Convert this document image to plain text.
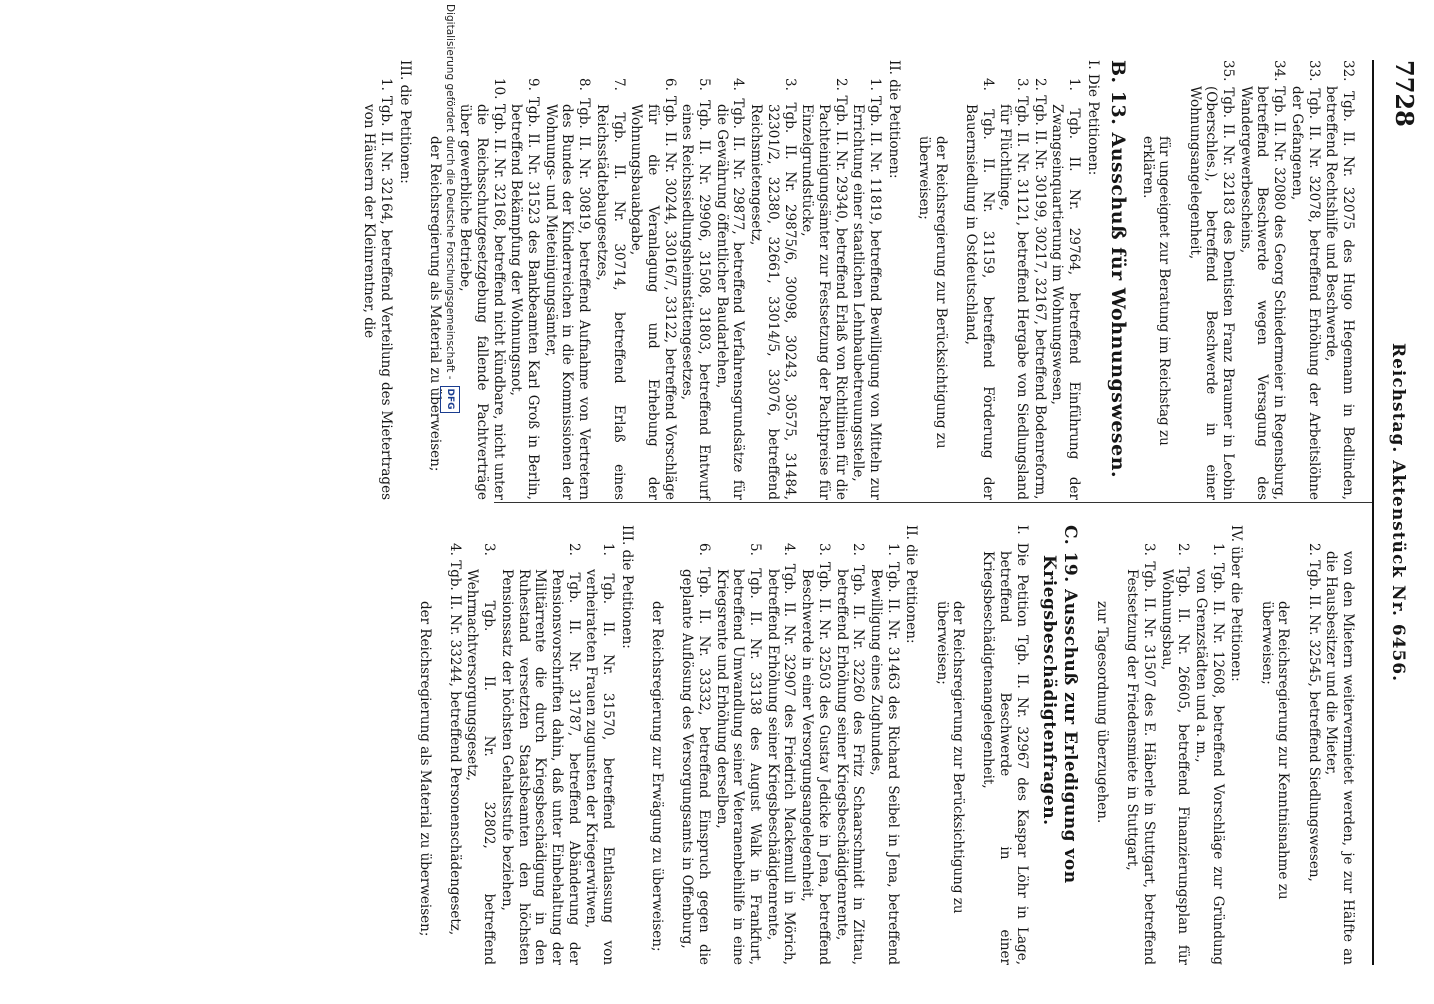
7728
Reichstag. Aktenstück Nr. 6456.

32. Tgb. II. Nr. 32075 des Hugo Hegemann in Bedlinden, betreffend Rechtshilfe und Beschwerde,

33. Tgb. II. Nr. 32078, betreffend Erhöhung der Arbeitslöhne der Gefangenen,

34. Tgb. II. Nr. 32080 des Georg Schiedermeier in Regensburg, betreffend Beschwerde wegen Versagung des Wandergewerbescheins,

35. Tgb. II. Nr. 32183 des Dentisten Franz Braumer in Leobin (Oberschles.), betreffend Beschwerde in einer Wohnungsangelegenheit,

für ungeeignet zur Beratung im Reichstag zu erklären.

B. 13. Ausschuß für Wohnungswesen.
I. Die Petitionen:

1. Tgb. II. Nr. 29764, betreffend Einführung der Zwangseinquartierung im Wohnungswesen,

2. Tgb. II. Nr. 30199, 30217, 32167, betreffend Bodenreform,

3. Tgb. II. Nr. 31121, betreffend Hergabe von Siedlungsland für Flüchtlinge,

4. Tgb. II. Nr. 31159, betreffend Förderung der Bauernsiedlung in Ostdeutschland,

der Reichsregierung zur Berücksichtigung zu überweisen;

II. die Petitionen:

1. Tgb. II. Nr. 11819, betreffend Bewilligung von Mitteln zur Errichtung einer staatlichen Lehnbaubetreuungsstelle,

2. Tgb. II. Nr. 29340, betreffend Erlaß von Richtlinien für die Pachteinigungsämter zur Festsetzung der Pachtpreise für Einzelgrundstücke,

3. Tgb. II. Nr. 29875/6, 30098, 30243, 30575, 31484, 32301/2, 32380, 32661, 33014/5, 33076, betreffend Reichsmietengesetz,

4. Tgb. II. Nr. 29877, betreffend Verfahrensgrundsätze für die Gewährung öffentlicher Baudarlehen,

5. Tgb. II. Nr. 29906, 31508, 31803, betreffend Entwurf eines Reichssiedlungsheimstättengesetzes,

6. Tgb. II. Nr. 30244, 33016/7, 33122, betreffend Vorschläge für die Veranlagung und Erhebung der Wohnungsbauabgabe,

7. Tgb. II. Nr. 30714, betreffend Erlaß eines Reichsstädtebaugesetzes,

8. Tgb. II. Nr. 30819, betreffend Aufnahme von Vertretern des Bundes der Kinderreichen in die Kommissionen der Wohnungs- und Mieteinigungsämter,

9. Tgb. II. Nr. 31523 des Bankbeamten Karl Groß in Berlin, betreffend Bekämpfung der Wohnungsnot,

10. Tgb. II. Nr. 32168, betreffend nicht kündbare, nicht unter die Reichsschutzgesetzgebung fallende Pachtverträge über gewerbliche Betriebe,

der Reichsregierung als Material zu überweisen;

III. die Petitionen:

1. Tgb. II. Nr. 32164, betreffend Verteilung des Mietertrages von Häusern der Kleinrentner, die

von den Mietern weitervermietet werden, je zur Hälfte an die Hausbesitzer und die Mieter,

2. Tgb. II. Nr. 32545, betreffend Siedlungswesen,

der Reichsregierung zur Kenntnisnahme zu überweisen;

IV. über die Petitionen:

1. Tgb. II. Nr. 12608, betreffend Vorschläge zur Gründung von Grenzstädten und a. m.,

2. Tgb. II. Nr. 26605, betreffend Finanzierungsplan für Wohnungsbau,

3. Tgb. II. Nr. 31507 des E. Häberle in Stuttgart, betreffend Festsetzung der Friedensmiete in Stuttgart,

zur Tagesordnung überzugehen.

C. 19. Ausschuß zur Erledigung von Kriegsbeschädigtenfragen.

I. Die Petition Tgb. II. Nr. 32967 des Kaspar Löhr in Lage, betreffend Beschwerde in einer Kriegsbeschädigtenangelegenheit,

der Reichsregierung zur Berücksichtigung zu überweisen;

II. die Petitionen:

1. Tgb. II. Nr. 31463 des Richard Seibel in Jena, betreffend Bewilligung eines Zughundes,

2. Tgb. II. Nr. 32260 des Fritz Schaarschmidt in Zittau, betreffend Erhöhung seiner Kriegsbeschädigtenrente,

3. Tgb. II. Nr. 32503 des Gustav Jedicke in Jena, betreffend Beschwerde in einer Versorgungsangelegenheit,

4. Tgb. II. Nr. 32907 des Friedrich Mackemull in Mörich, betreffend Erhöhung seiner Kriegsbeschädigtenrente,

5. Tgb. II. Nr. 33138 des August Walk in Frankfurt, betreffend Umwandlung seiner Veteranenbeihilfe in eine Kriegsrente und Erhöhung derselben,

6. Tgb. II. Nr. 33332, betreffend Einspruch gegen die geplante Auflösung des Versorgungsamts in Offenburg,

der Reichsregierung zur Erwägung zu überweisen;

III. die Petitionen:

1. Tgb. II. Nr. 31570, betreffend Entlassung von verheirateten Frauen zugunsten der Kriegerwitwen,

2. Tgb. II. Nr. 31787, betreffend Abänderung der Pensionsvorschriften dahin, daß unter Einbehaltung der Militärrente die durch Kriegsbeschädigung in den Ruhestand versetzten Staatsbeamten den höchsten Pensionssatz der höchsten Gehaltsstufe beziehen,

3. Tgb. II. Nr. 32802, betreffend Wehrmachtversorgungsgesetz,

4. Tgb. II. Nr. 33244, betreffend Personenschädengesetz,

der Reichsregierung als Material zu überweisen;

Digitalisierung gefördert durch die Deutsche Forschungsgemeinschaft -
DFG
